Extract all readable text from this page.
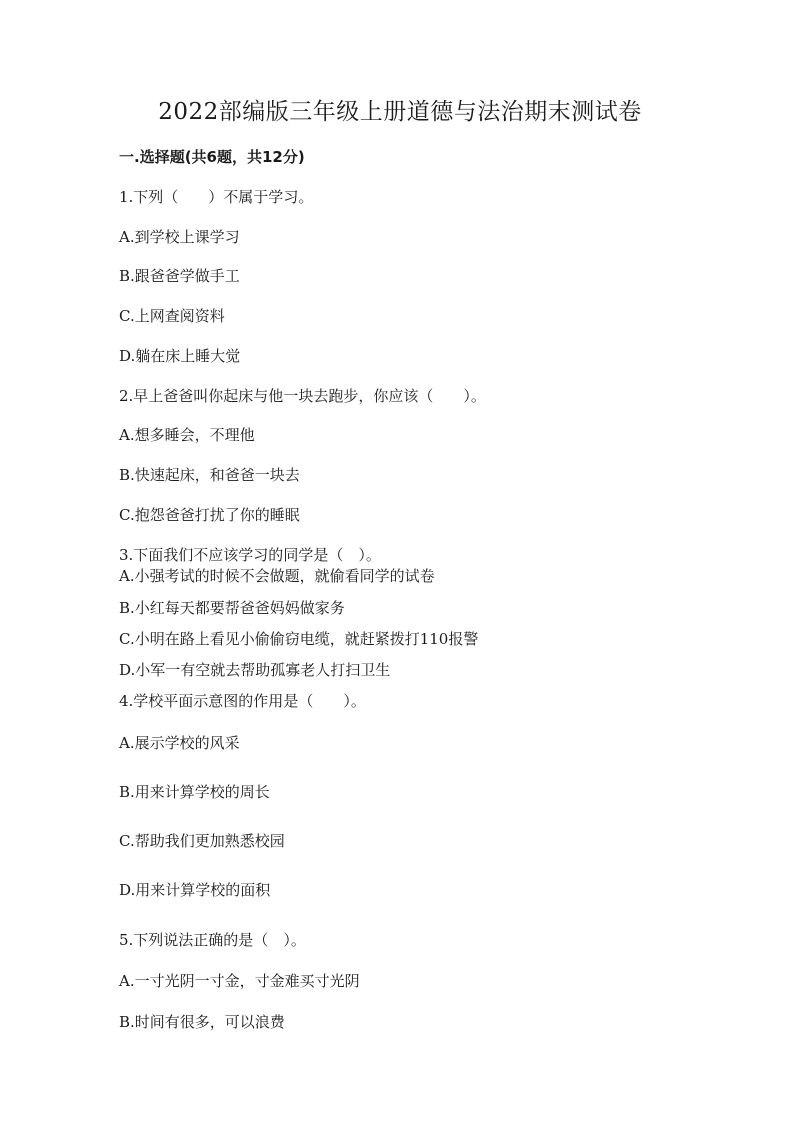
2022部编版三年级上册道德与法治期末测试卷
一.选择题(共6题，共12分)
1.下列（　　）不属于学习。
A.到学校上课学习
B.跟爸爸学做手工
C.上网查阅资料
D.躺在床上睡大觉
2.早上爸爸叫你起床与他一块去跑步，你应该（　　）。
A.想多睡会，不理他
B.快速起床，和爸爸一块去
C.抱怨爸爸打扰了你的睡眠
3.下面我们不应该学习的同学是（　）。
A.小强考试的时候不会做题，就偷看同学的试卷
B.小红每天都要帮爸爸妈妈做家务
C.小明在路上看见小偷偷窃电缆，就赶紧拨打110报警
D.小军一有空就去帮助孤寡老人打扫卫生
4.学校平面示意图的作用是（　　）。
A.展示学校的风采
B.用来计算学校的周长
C.帮助我们更加熟悉校园
D.用来计算学校的面积
5.下列说法正确的是（　）。
A.一寸光阴一寸金，寸金难买寸光阴
B.时间有很多，可以浪费
